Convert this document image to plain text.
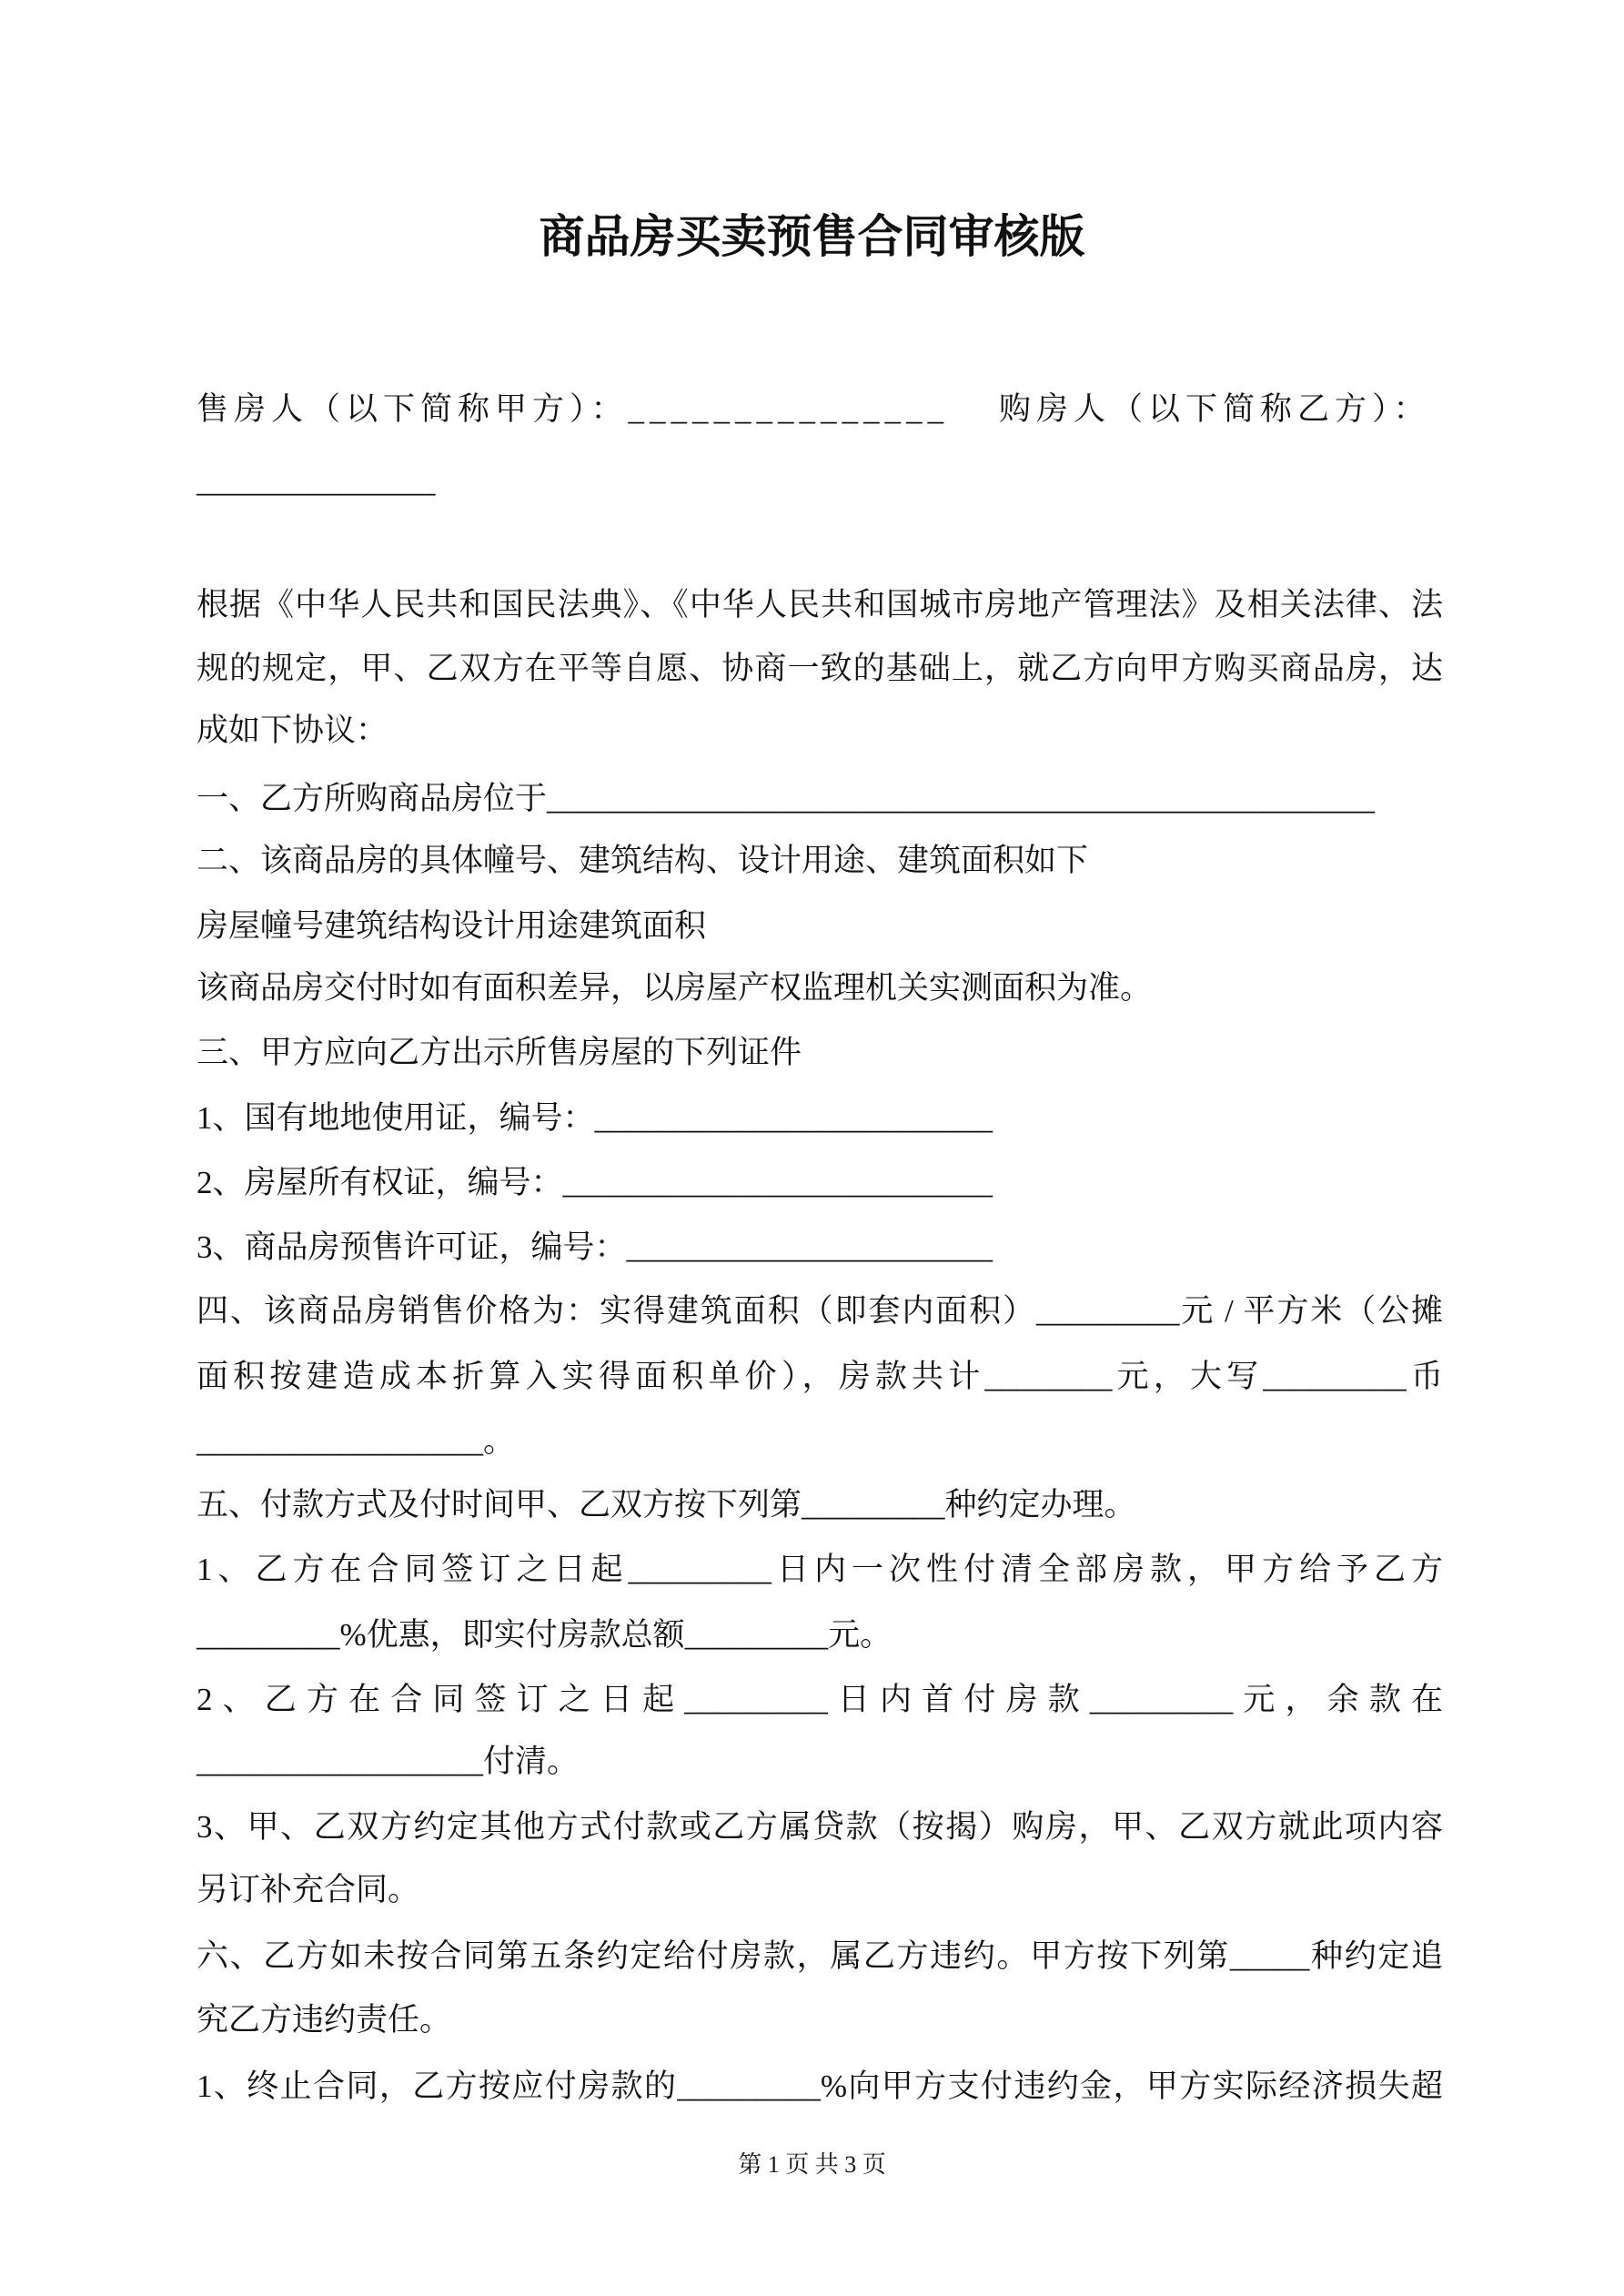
商品房买卖预售合同审核版
售房人（以下简称甲方）：_______________ 购房人（以下简称乙方）：
_______________
根据《中华人民共和国民法典》、《中华人民共和国城市房地产管理法》及相关法律、法
规的规定，甲、乙双方在平等自愿、协商一致的基础上，就乙方向甲方购买商品房，达
成如下协议：
一、乙方所购商品房位于____________________________________________________
二、该商品房的具体幢号、建筑结构、设计用途、建筑面积如下
房屋幢号建筑结构设计用途建筑面积
该商品房交付时如有面积差异，以房屋产权监理机关实测面积为准。
三、甲方应向乙方出示所售房屋的下列证件
1、国有地地使用证，编号：_________________________
2、房屋所有权证，编号：___________________________
3、商品房预售许可证，编号：_______________________
四、该商品房销售价格为：实得建筑面积（即套内面积）_________元 / 平方米（公摊
面积按建造成本折算入实得面积单价），房款共计________元，大写_________币
__________________。
五、付款方式及付时间甲、乙双方按下列第_________种约定办理。
1、乙方在合同签订之日起_________日内一次性付清全部房款，甲方给予乙方
_________%优惠，即实付房款总额_________元。
2、乙方在合同签订之日起_________日内首付房款_________元，余款在
__________________付清。
3、甲、乙双方约定其他方式付款或乙方属贷款（按揭）购房，甲、乙双方就此项内容
另订补充合同。
六、乙方如未按合同第五条约定给付房款，属乙方违约。甲方按下列第_____种约定追
究乙方违约责任。
1、终止合同，乙方按应付房款的_________%向甲方支付违约金，甲方实际经济损失超
第 1 页 共 3 页
